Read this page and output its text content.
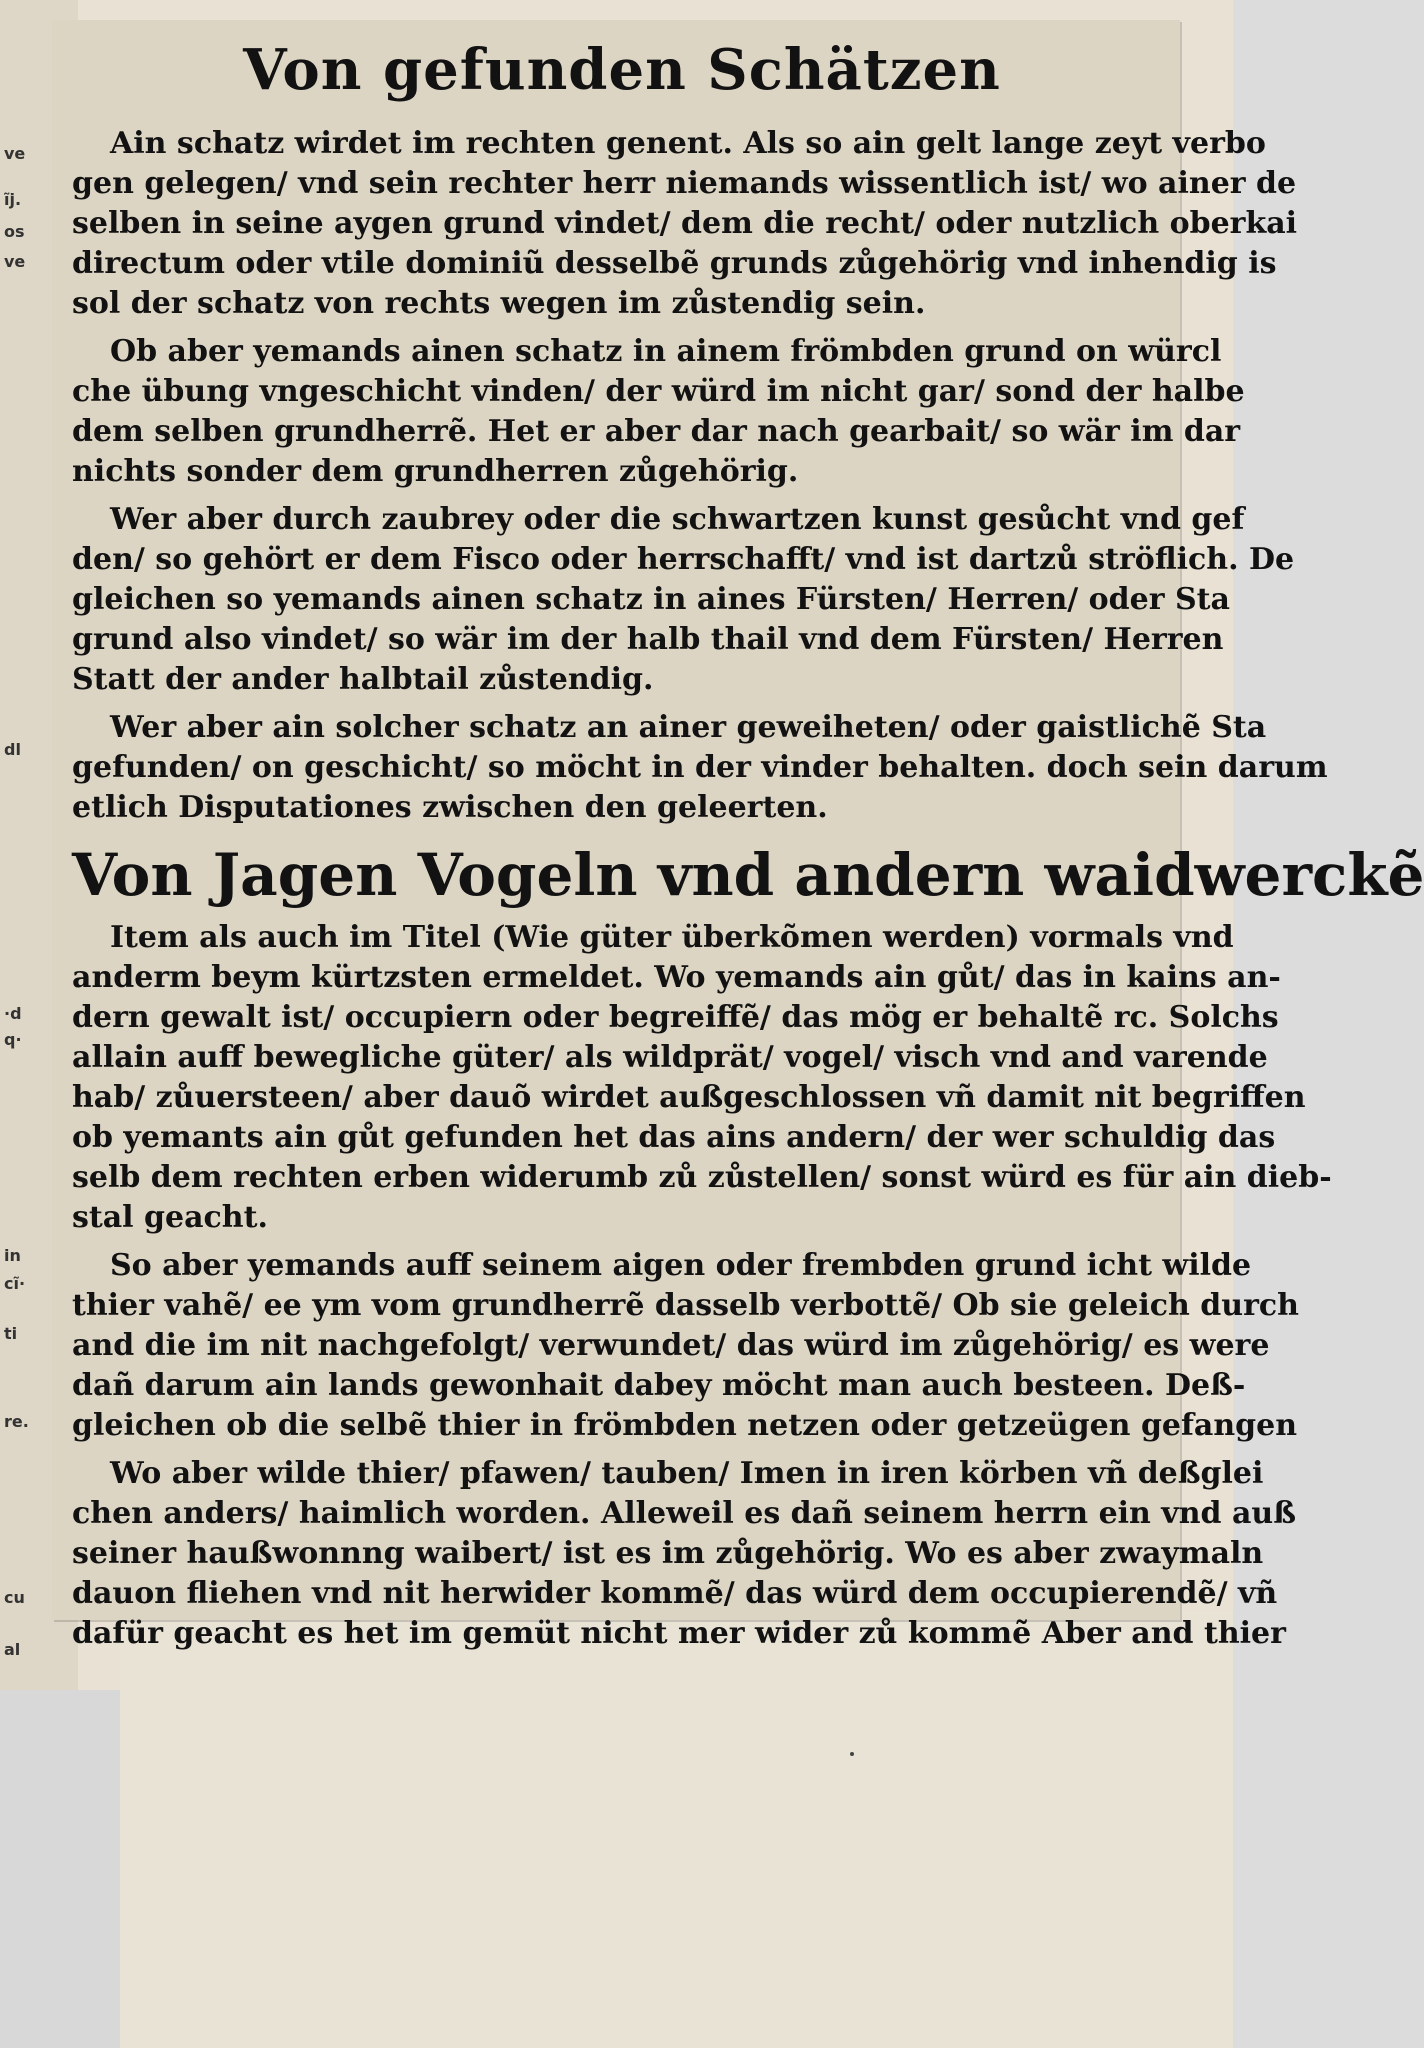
ve
ĩj.
os
ve
dl
·d
q·
in
cĩ·
ti
re.
cu
al
Von gefunden Schätzen
Ain schatz wirdet im rechten genent. Als so ain gelt lange zeyt verbo
gen gelegen/ vnd sein rechter herr niemands wissentlich ist/ wo ainer de
selben in seine aygen grund vindet/ dem die recht/ oder nutzlich oberkai
directum oder vtile dominiũ desselbẽ grunds zůgehörig vnd inhendig is
sol der schatz von rechts wegen im zůstendig sein.
Ob aber yemands ainen schatz in ainem frömbden grund on würcl
che übung vngeschicht vinden/ der würd im nicht gar/ sond der halbe
dem selben grundherrẽ. Het er aber dar nach gearbait/ so wär im dar
nichts sonder dem grundherren zůgehörig.
Wer aber durch zaubrey oder die schwartzen kunst gesůcht vnd gef
den/ so gehört er dem Fisco oder herrschafft/ vnd ist dartzů ströflich. De
gleichen so yemands ainen schatz in aines Fürsten/ Herren/ oder Sta
grund also vindet/ so wär im der halb thail vnd dem Fürsten/ Herren
Statt der ander halbtail zůstendig.
Wer aber ain solcher schatz an ainer geweiheten/ oder gaistlichẽ Sta
gefunden/ on geschicht/ so möcht in der vinder behalten. doch sein darum
etlich Disputationes zwischen den geleerten.
Von Jagen Vogeln vnd andern waidwerckẽ
Item als auch im Titel (Wie güter überkõmen werden) vormals vnd
anderm beym kürtzsten ermeldet. Wo yemands ain gůt/ das in kains an-
dern gewalt ist/ occupiern oder begreiffẽ/ das mög er behaltẽ rc. Solchs
allain auff bewegliche güter/ als wildprät/ vogel/ visch vnd and varende
hab/ zůuersteen/ aber dauõ wirdet außgeschlossen vñ damit nit begriffen
ob yemants ain gůt gefunden het das ains andern/ der wer schuldig das
selb dem rechten erben widerumb zů zůstellen/ sonst würd es für ain dieb-
stal geacht.
So aber yemands auff seinem aigen oder frembden grund icht wilde
thier vahẽ/ ee ym vom grundherrẽ dasselb verbottẽ/ Ob sie geleich durch
and die im nit nachgefolgt/ verwundet/ das würd im zůgehörig/ es were
dañ darum ain lands gewonhait dabey möcht man auch besteen. Deß-
gleichen ob die selbẽ thier in frömbden netzen oder getzeügen gefangen
Wo aber wilde thier/ pfawen/ tauben/ Imen in iren körben vñ deßglei
chen anders/ haimlich worden. Alleweil es dañ seinem herrn ein vnd auß
seiner haußwonnng waibert/ ist es im zůgehörig. Wo es aber zwaymaln
dauon fliehen vnd nit herwider kommẽ/ das würd dem occupierendẽ/ vñ
dafür geacht es het im gemüt nicht mer wider zů kommẽ Aber and thier
